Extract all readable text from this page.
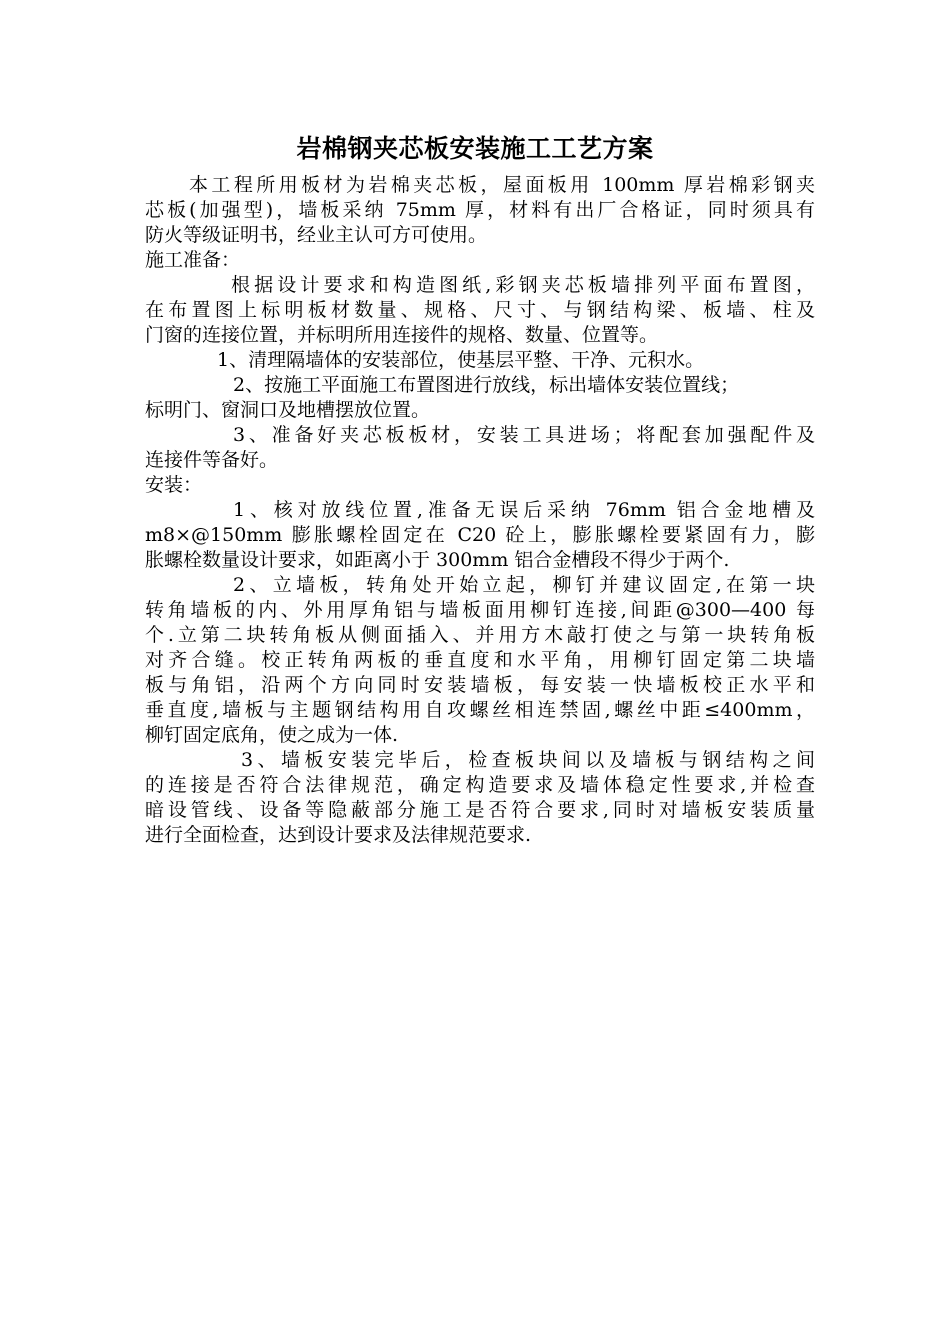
岩棉钢夹芯板安装施工工艺方案
本工程所用板材为岩棉夹芯板，屋面板用 100mm 厚岩棉彩钢夹
芯板(加强型)，墙板采纳 75mm 厚，材料有出厂合格证，同时须具有
防火等级证明书，经业主认可方可使用。
施工准备：
根据设计要求和构造图纸,彩钢夹芯板墙排列平面布置图，
在布置图上标明板材数量、规格、尺寸、与钢结构梁、板墙、柱及
门窗的连接位置，并标明所用连接件的规格、数量、位置等。
1、清理隔墙体的安装部位，使基层平整、干净、元积水。
2、按施工平面施工布置图进行放线，标出墙体安装位置线；
标明门、窗洞口及地槽摆放位置。
3、准备好夹芯板板材，安装工具进场；将配套加强配件及
连接件等备好。
安装：
1、核对放线位置,准备无误后采纳 76mm 铝合金地槽及
m8×@150mm 膨胀螺栓固定在 C20 砼上，膨胀螺栓要紧固有力，膨
胀螺栓数量设计要求，如距离小于 300mm 铝合金槽段不得少于两个.
2、立墙板，转角处开始立起，柳钉并建议固定,在第一块
转角墙板的内、外用厚角铝与墙板面用柳钉连接,间距@300—400 每
个.立第二块转角板从侧面插入、并用方木敲打使之与第一块转角板
对齐合缝。校正转角两板的垂直度和水平角，用柳钉固定第二块墙
板与角铝，沿两个方向同时安装墙板，每安装一快墙板校正水平和
垂直度,墙板与主题钢结构用自攻螺丝相连禁固,螺丝中距≤400mm，
柳钉固定底角，使之成为一体.
3、墙板安装完毕后，检查板块间以及墙板与钢结构之间
的连接是否符合法律规范，确定构造要求及墙体稳定性要求,并检查
暗设管线、设备等隐蔽部分施工是否符合要求,同时对墙板安装质量
进行全面检查，达到设计要求及法律规范要求.
